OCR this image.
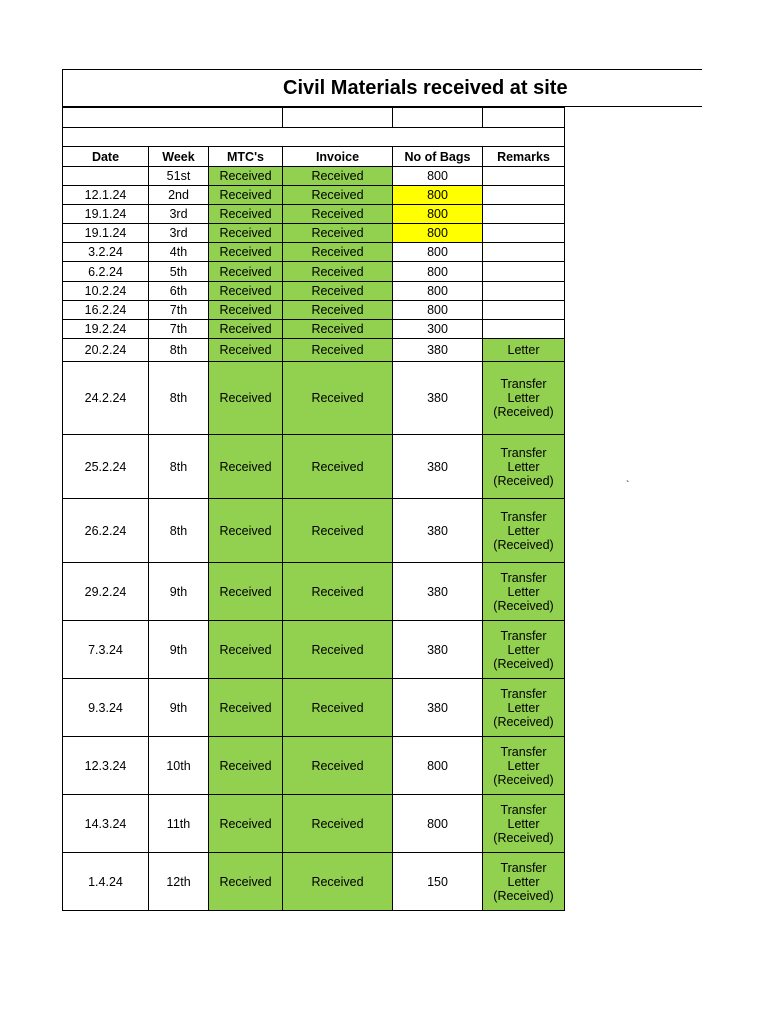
Civil Materials received at site

Date	Week	MTC's	Invoice	No of Bags	Remarks
	51st	Received	Received	800	
12.1.24	2nd	Received	Received	800	
19.1.24	3rd	Received	Received	800	
19.1.24	3rd	Received	Received	800	
3.2.24	4th	Received	Received	800	
6.2.24	5th	Received	Received	800	
10.2.24	6th	Received	Received	800	
16.2.24	7th	Received	Received	800	
19.2.24	7th	Received	Received	300	
20.2.24	8th	Received	Received	380	Letter
24.2.24	8th	Received	Received	380	Transfer Letter (Received)
25.2.24	8th	Received	Received	380	Transfer Letter (Received)
26.2.24	8th	Received	Received	380	Transfer Letter (Received)
29.2.24	9th	Received	Received	380	Transfer Letter (Received)
7.3.24	9th	Received	Received	380	Transfer Letter (Received)
9.3.24	9th	Received	Received	380	Transfer Letter (Received)
12.3.24	10th	Received	Received	800	Transfer Letter (Received)
14.3.24	11th	Received	Received	800	Transfer Letter (Received)
1.4.24	12th	Received	Received	150	Transfer Letter (Received)
`
